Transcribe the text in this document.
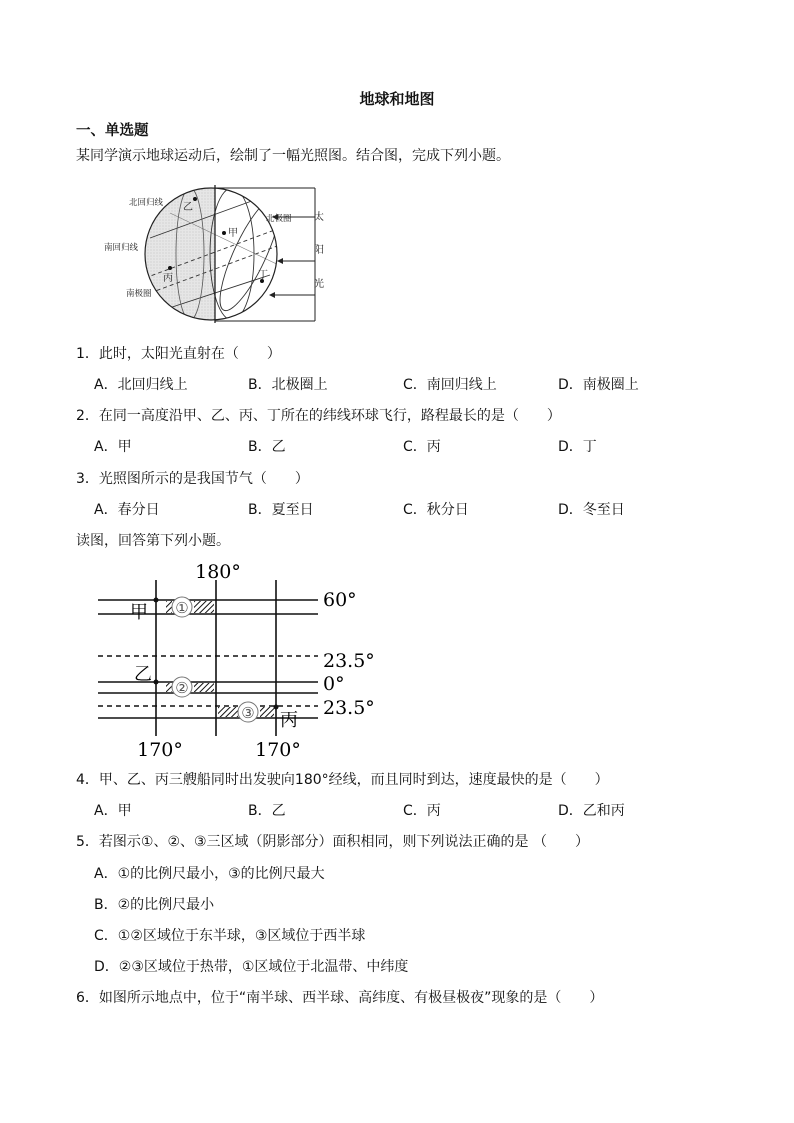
地球和地图
一、单选题
某同学演示地球运动后，绘制了一幅光照图。结合图，完成下列小题。
北回归线
南回归线
南极圈
北极圈
乙
甲
丙	丁
太
阳
光
1．此时，太阳光直射在（　　）
A．北回归线上	B．北极圈上	C．南回归线上	D．南极圈上
2．在同一高度沿甲、乙、丙、丁所在的纬线环球飞行，路程最长的是（　　）
A．甲	B．乙	C．丙	D．丁
3．光照图所示的是我国节气（　　）
A．春分日	B．夏至日	C．秋分日	D．冬至日
读图，回答第下列小题。
①
②
③
180°
60°
23.5°
0°
23.5°
170°	170°
甲
乙
丙
4．甲、乙、丙三艘船同时出发驶向180°经线，而且同时到达，速度最快的是（　　）
A．甲	B．乙	C．丙	D．乙和丙
5．若图示①、②、③三区域（阴影部分）面积相同，则下列说法正确的是 （　　）
A．①的比例尺最小，③的比例尺最大
B．②的比例尺最小
C．①②区域位于东半球，③区域位于西半球
D．②③区域位于热带，①区域位于北温带、中纬度
6．如图所示地点中，位于“南半球、西半球、高纬度、有极昼极夜”现象的是（　　）
